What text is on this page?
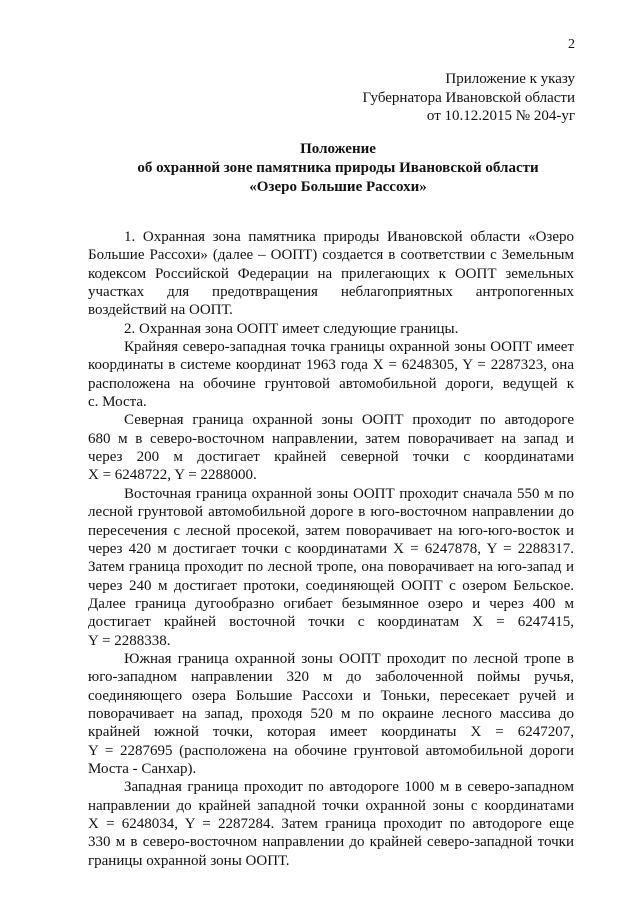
2
Приложение к указу
Губернатора Ивановской области
от 10.12.2015 № 204-уг
Положение
об охранной зоне памятника природы Ивановской области
«Озеро Большие Рассохи»

1. Охранная зона памятника природы Ивановской области «Озеро
Большие Рассохи» (далее – ООПТ) создается в соответствии с Земельным
кодексом Российской Федерации на прилегающих к ООПТ земельных
участках для предотвращения неблагоприятных антропогенных
воздействий на ООПТ.

2. Охранная зона ООПТ имеет следующие границы.

Крайняя северо-западная точка границы охранной зоны ООПТ имеет
координаты в системе координат 1963 года X = 6248305, Y = 2287323, она
расположена на обочине грунтовой автомобильной дороги, ведущей к
с. Моста.

Северная граница охранной зоны ООПТ проходит по автодороге
680 м в северо-восточном направлении, затем поворачивает на запад и
через 200 м достигает крайней северной точки с координатами
X = 6248722, Y = 2288000.

Восточная граница охранной зоны ООПТ проходит сначала 550 м по
лесной грунтовой автомобильной дороге в юго-восточном направлении до
пересечения с лесной просекой, затем поворачивает на юго-юго-восток и
через 420 м достигает точки с координатами X = 6247878, Y = 2288317.
Затем граница проходит по лесной тропе, она поворачивает на юго-запад и
через 240 м достигает протоки, соединяющей ООПТ с озером Бельское.
Далее граница дугообразно огибает безымянное озеро и через 400 м
достигает крайней восточной точки с координатам X = 6247415,
Y = 2288338.

Южная граница охранной зоны ООПТ проходит по лесной тропе в
юго-западном направлении 320 м до заболоченной поймы ручья,
соединяющего озера Большие Рассохи и Тоньки, пересекает ручей и
поворачивает на запад, проходя 520 м по окраине лесного массива до
крайней южной точки, которая имеет координаты X = 6247207,
Y = 2287695 (расположена на обочине грунтовой автомобильной дороги
Моста - Санхар).

Западная граница проходит по автодороге 1000 м в северо-западном
направлении до крайней западной точки охранной зоны с координатами
X = 6248034, Y = 2287284. Затем граница проходит по автодороге еще
330 м в северо-восточном направлении до крайней северо-западной точки
границы охранной зоны ООПТ.
